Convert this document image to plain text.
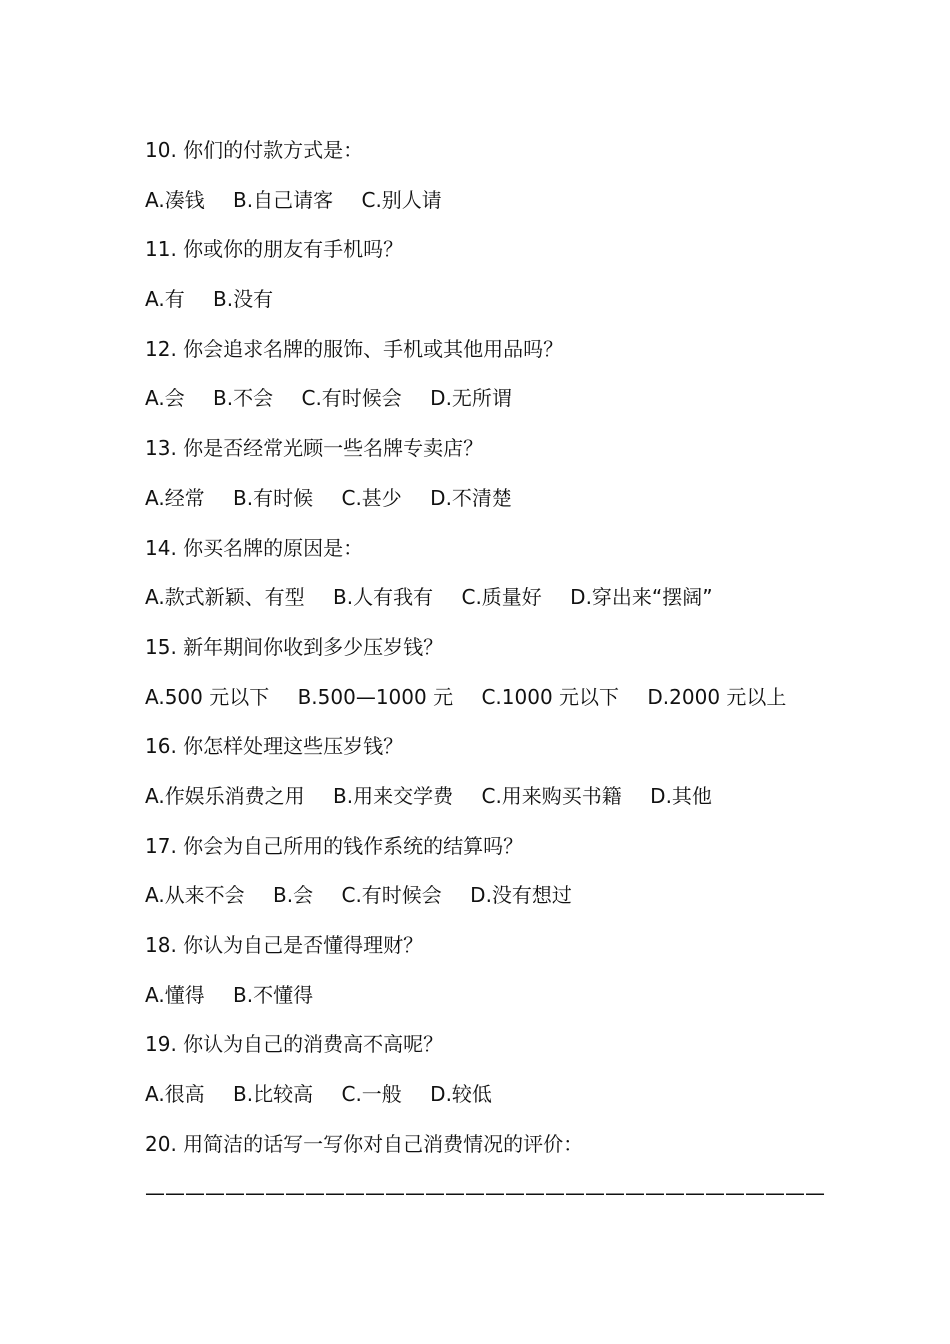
10. 你们的付款方式是：
A.凑钱 B.自己请客 C.别人请
11. 你或你的朋友有手机吗？
A.有 B.没有
12. 你会追求名牌的服饰、手机或其他用品吗？
A.会 B.不会 C.有时候会 D.无所谓
13. 你是否经常光顾一些名牌专卖店？
A.经常 B.有时候 C.甚少 D.不清楚
14. 你买名牌的原因是：
A.款式新颖、有型 B.人有我有 C.质量好 D.穿出来“摆阔”
15. 新年期间你收到多少压岁钱？
A.500 元以下 B.500—1000 元 C.1000 元以下 D.2000 元以上
16. 你怎样处理这些压岁钱？
A.作娱乐消费之用 B.用来交学费 C.用来购买书籍 D.其他
17. 你会为自己所用的钱作系统的结算吗？
A.从来不会 B.会 C.有时候会 D.没有想过
18. 你认为自己是否懂得理财？
A.懂得 B.不懂得
19. 你认为自己的消费高不高呢？
A.很高 B.比较高 C.一般 D.较低
20. 用简洁的话写一写你对自己消费情况的评价：
——————————————————————————————————
